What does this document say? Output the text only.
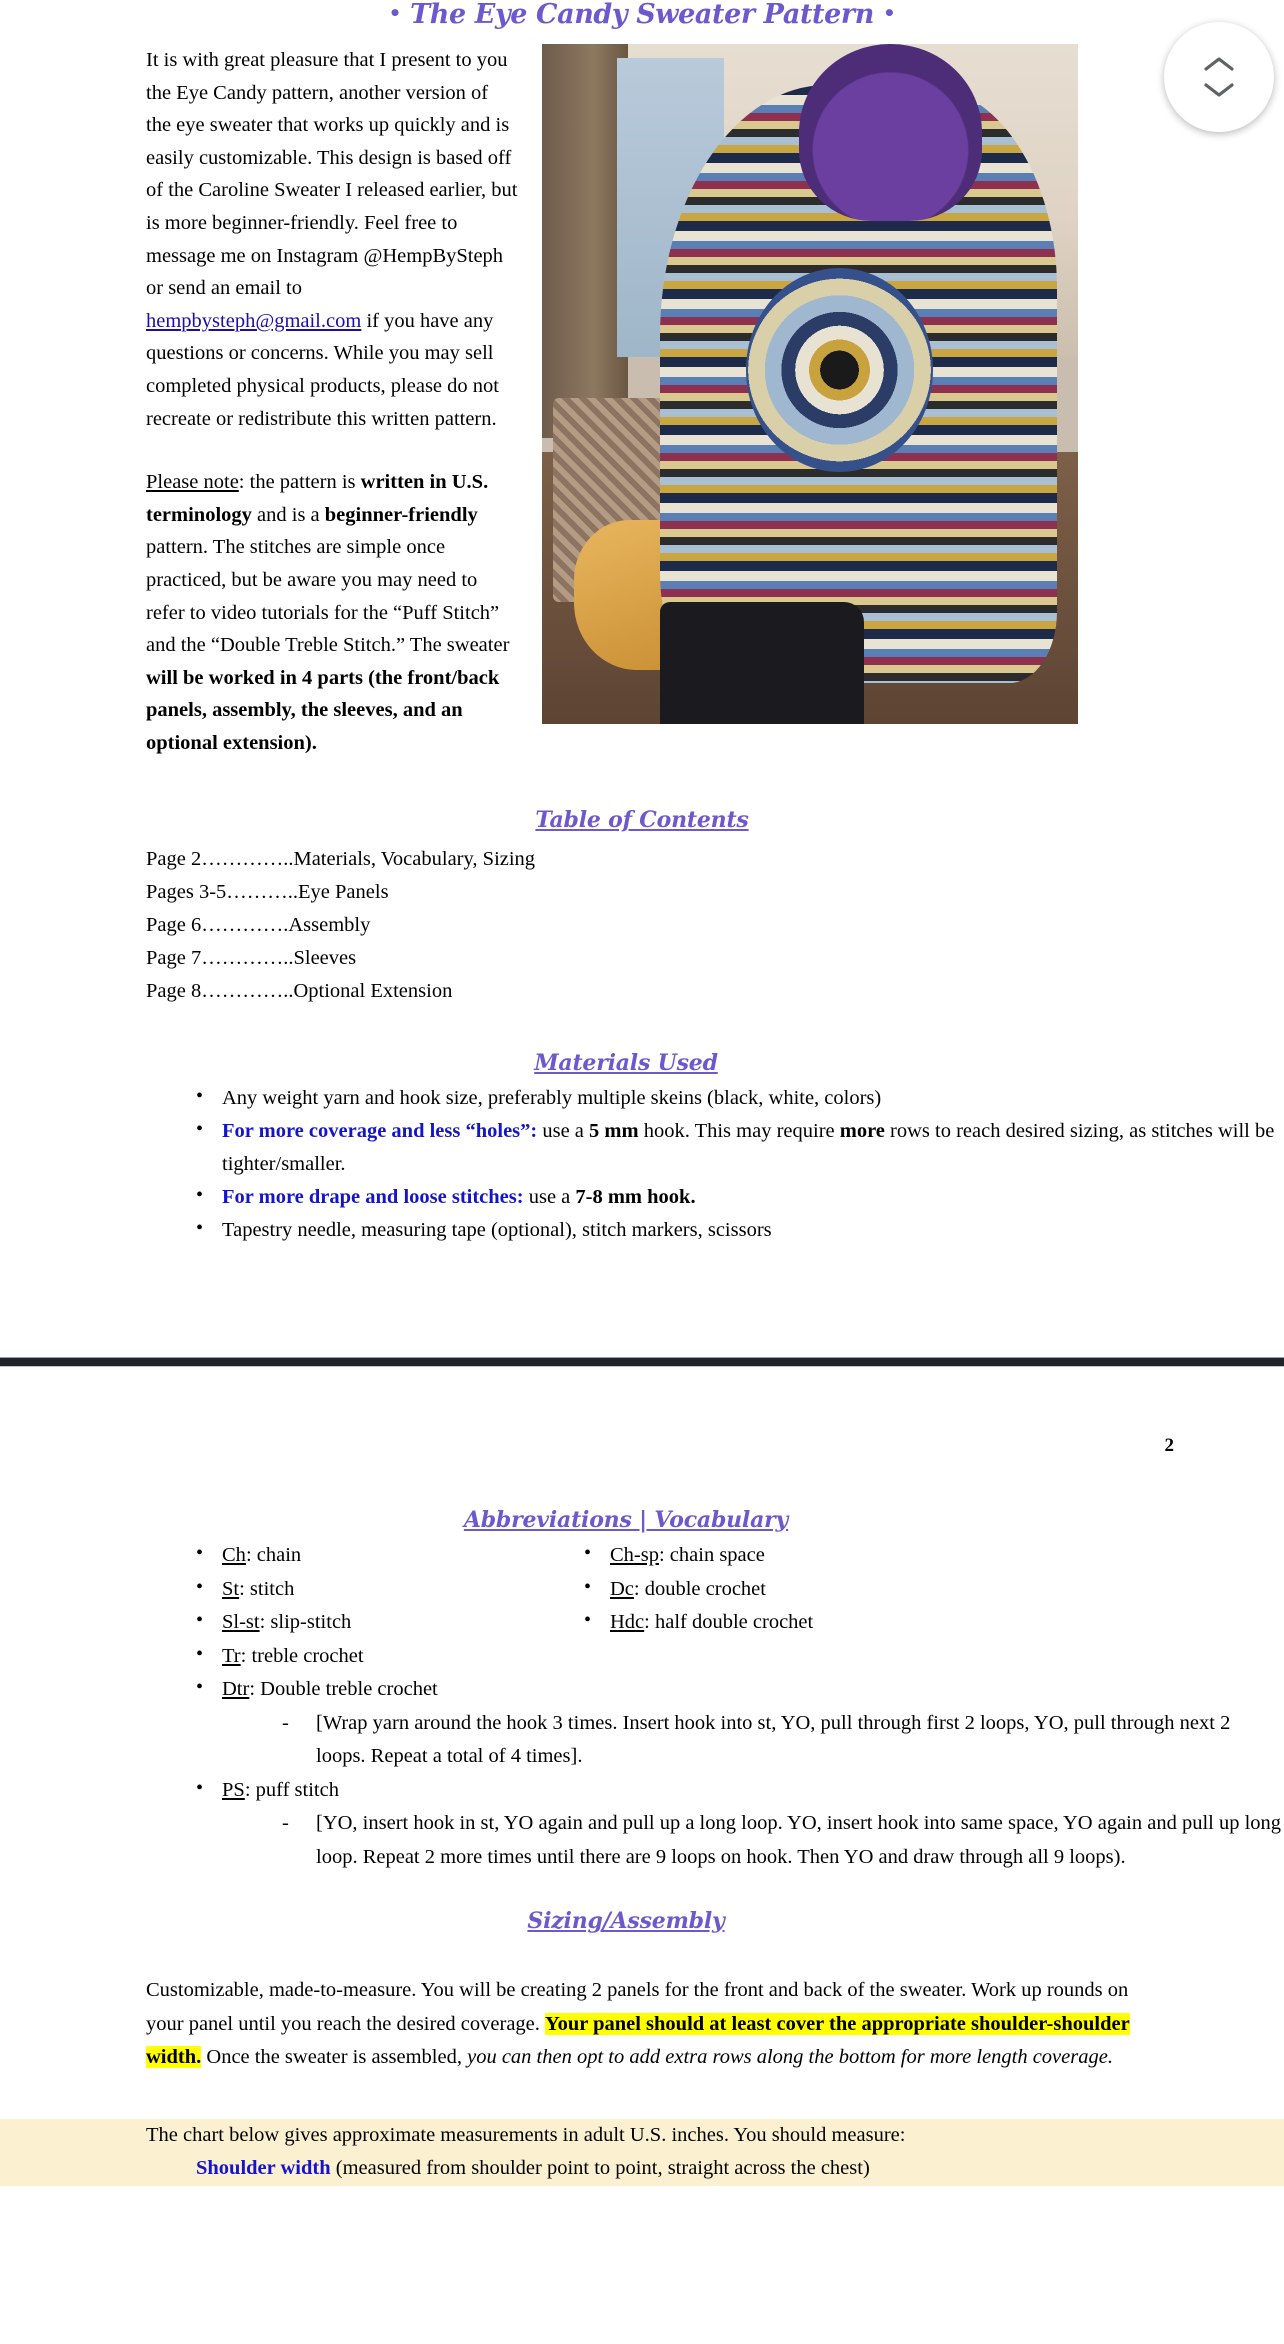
• The Eye Candy Sweater Pattern •

It is with great pleasure that I present to you the Eye Candy pattern, another version of the eye sweater that works up quickly and is easily customizable. This design is based off of the Caroline Sweater I released earlier, but is more beginner-friendly. Feel free to message me on Instagram @HempBySteph or send an email to hempbysteph@gmail.com if you have any questions or concerns. While you may sell completed physical products, please do not recreate or redistribute this written pattern.

Please note: the pattern is written in U.S. terminology and is a beginner-friendly pattern. The stitches are simple once practiced, but be aware you may need to refer to video tutorials for the “Puff Stitch” and the “Double Treble Stitch.” The sweater will be worked in 4 parts (the front/back panels, assembly, the sleeves, and an optional extension).

Table of Contents
Page 2…………..Materials, Vocabulary, Sizing
Pages 3-5………..Eye Panels
Page 6………….Assembly
Page 7…………..Sleeves
Page 8…………..Optional Extension
Materials Used
• Any weight yarn and hook size, preferably multiple skeins (black, white, colors)
• For more coverage and less “holes”: use a 5 mm hook. This may require more rows to reach desired sizing, as stitches will be tighter/smaller.
• For more drape and loose stitches: use a 7-8 mm hook.
• Tapestry needle, measuring tape (optional), stitch markers, scissors
2
Abbreviations | Vocabulary
• Ch: chain
• St: stitch
• Sl-st: slip-stitch
• Ch-sp: chain space
• Dc: double crochet
• Hdc: half double crochet
• Tr: treble crochet
• Dtr: Double treble crochet
- [Wrap yarn around the hook 3 times. Insert hook into st, YO, pull through first 2 loops, YO, pull through next 2 loops. Repeat a total of 4 times].
• PS: puff stitch
- [YO, insert hook in st, YO again and pull up a long loop. YO, insert hook into same space, YO again and pull up long loop. Repeat 2 more times until there are 9 loops on hook. Then YO and draw through all 9 loops).
Sizing/Assembly
Customizable, made-to-measure. You will be creating 2 panels for the front and back of the sweater. Work up rounds on your panel until you reach the desired coverage. Your panel should at least cover the appropriate shoulder-shoulder width. Once the sweater is assembled, you can then opt to add extra rows along the bottom for more length coverage.
The chart below gives approximate measurements in adult U.S. inches. You should measure:
Shoulder width (measured from shoulder point to point, straight across the chest)
